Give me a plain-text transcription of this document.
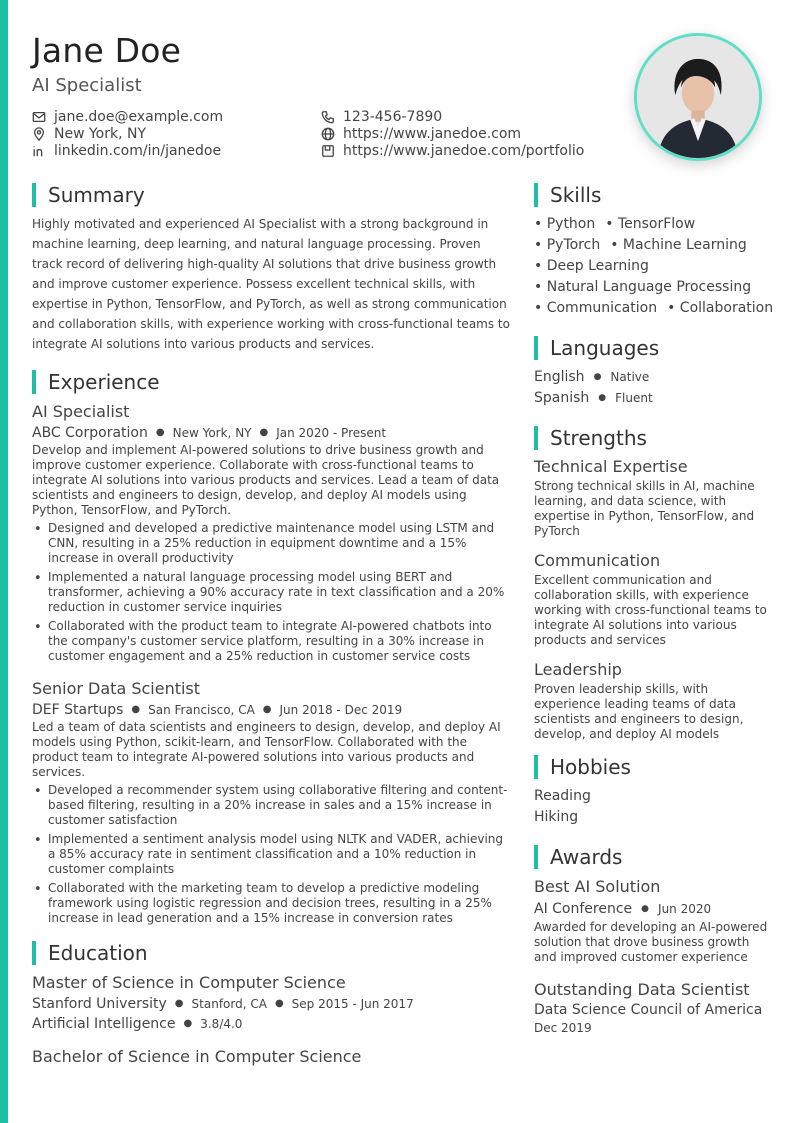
Jane Doe
AI Specialist
jane.doe@example.com
New York, NY
linkedin.com/in/janedoe
123-456-7890
https://www.janedoe.com
https://www.janedoe.com/portfolio
Summary

Highly motivated and experienced AI Specialist with a strong background in machine learning, deep learning, and natural language processing. Proven track record of delivering high-quality AI solutions that drive business growth and improve customer experience. Possess excellent technical skills, with expertise in Python, TensorFlow, and PyTorch, as well as strong communication and collaboration skills, with experience working with cross-functional teams to integrate AI solutions into various products and services.

Experience
AI Specialist
ABC Corporation ● New York, NY ● Jan 2020 - Present

Develop and implement AI-powered solutions to drive business growth and improve customer experience. Collaborate with cross-functional teams to integrate AI solutions into various products and services. Lead a team of data scientists and engineers to design, develop, and deploy AI models using Python, TensorFlow, and PyTorch.

• Designed and developed a predictive maintenance model using LSTM and CNN, resulting in a 25% reduction in equipment downtime and a 15% increase in overall productivity
• Implemented a natural language processing model using BERT and transformer, achieving a 90% accuracy rate in text classification and a 20% reduction in customer service inquiries
• Collaborated with the product team to integrate AI-powered chatbots into the company's customer service platform, resulting in a 30% increase in customer engagement and a 25% reduction in customer service costs
Senior Data Scientist
DEF Startups ● San Francisco, CA ● Jun 2018 - Dec 2019

Led a team of data scientists and engineers to design, develop, and deploy AI models using Python, scikit-learn, and TensorFlow. Collaborated with the product team to integrate AI-powered solutions into various products and services.

• Developed a recommender system using collaborative filtering and content-based filtering, resulting in a 20% increase in sales and a 15% increase in customer satisfaction
• Implemented a sentiment analysis model using NLTK and VADER, achieving a 85% accuracy rate in sentiment classification and a 10% reduction in customer complaints
• Collaborated with the marketing team to develop a predictive modeling framework using logistic regression and decision trees, resulting in a 25% increase in lead generation and a 15% increase in conversion rates
Education
Master of Science in Computer Science
Stanford University ● Stanford, CA ● Sep 2015 - Jun 2017
Artificial Intelligence ● 3.8/4.0
Bachelor of Science in Computer Science
Skills
• Python • TensorFlow
• PyTorch • Machine Learning
• Deep Learning
• Natural Language Processing
• Communication • Collaboration
Languages
English ● Native
Spanish ● Fluent
Strengths
Technical Expertise

Strong technical skills in AI, machine learning, and data science, with expertise in Python, TensorFlow, and PyTorch

Communication

Excellent communication and collaboration skills, with experience working with cross-functional teams to integrate AI solutions into various products and services

Leadership

Proven leadership skills, with experience leading teams of data scientists and engineers to design, develop, and deploy AI models

Hobbies
Reading
Hiking
Awards
Best AI Solution
AI Conference ● Jun 2020

Awarded for developing an AI-powered solution that drove business growth and improved customer experience

Outstanding Data Scientist
Data Science Council of America
Dec 2019
